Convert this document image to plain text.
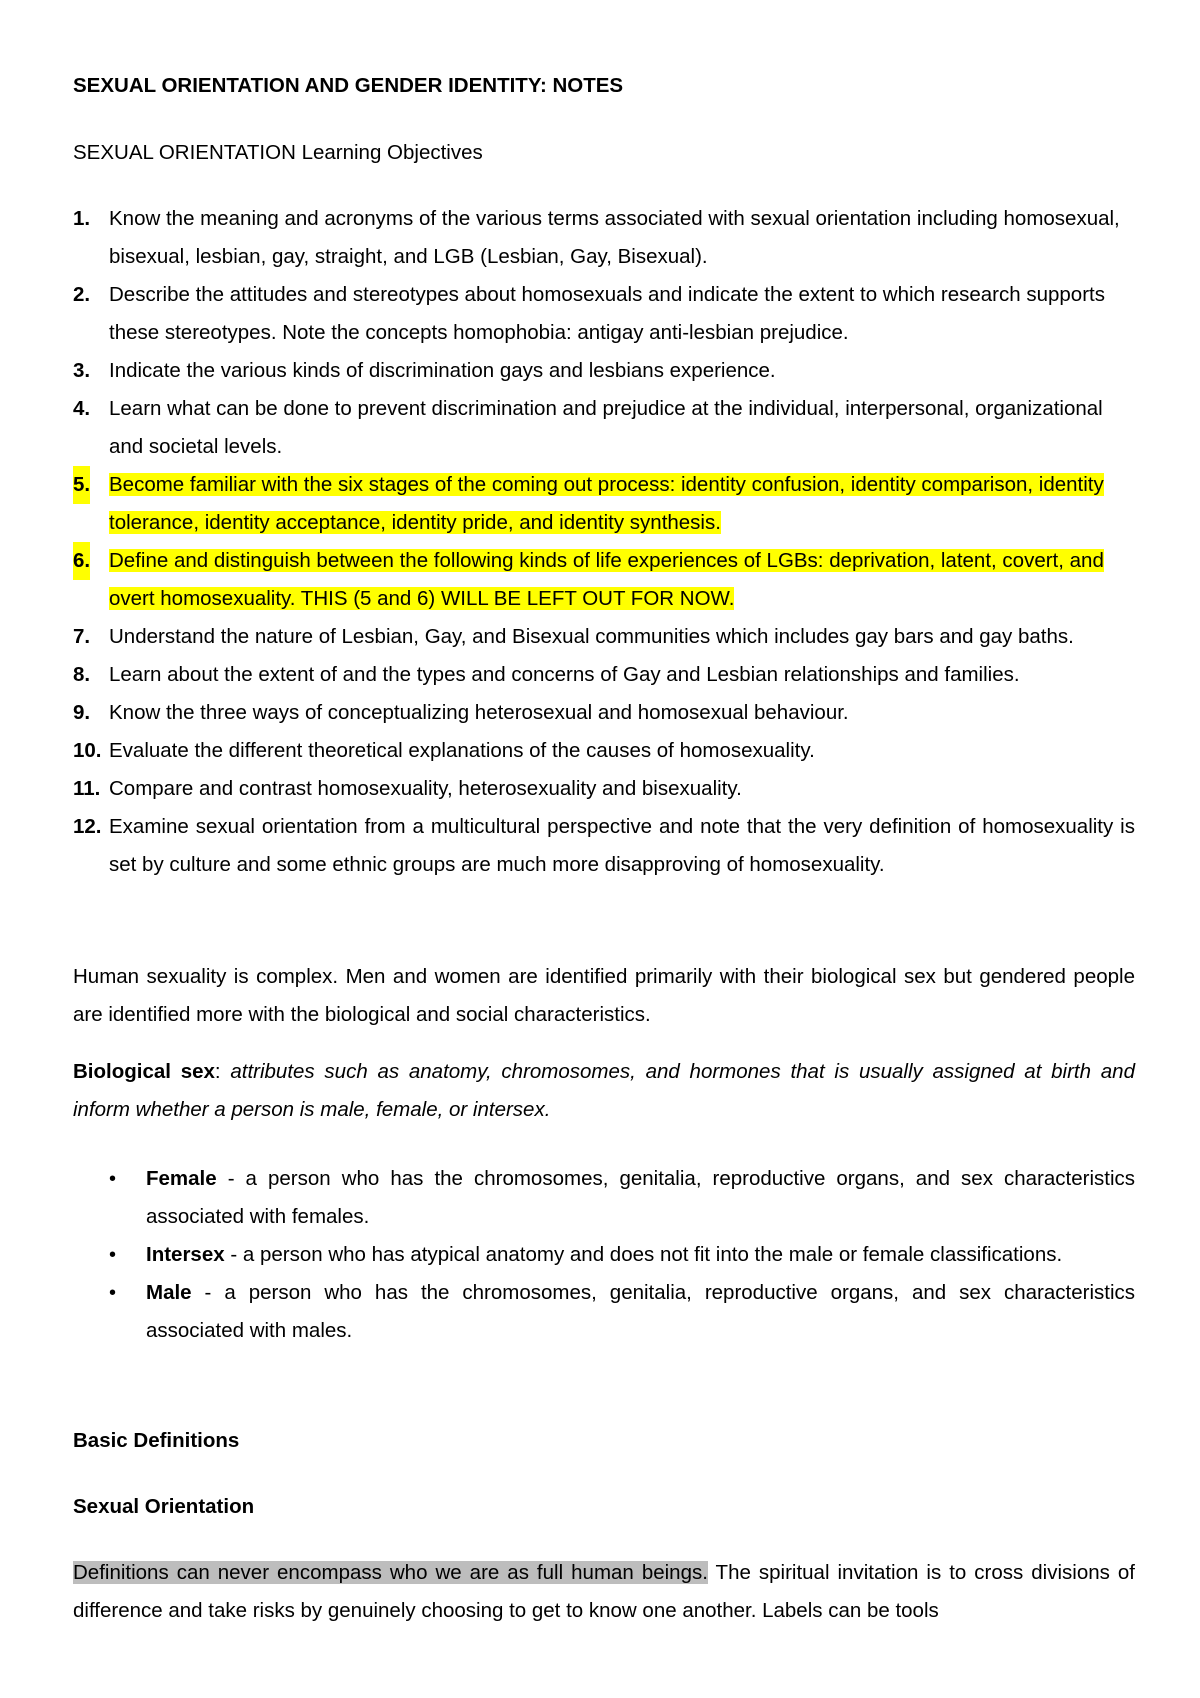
SEXUAL ORIENTATION AND GENDER IDENTITY: NOTES
SEXUAL ORIENTATION Learning Objectives
1. Know the meaning and acronyms of the various terms associated with sexual orientation including homosexual, bisexual, lesbian, gay, straight, and LGB (Lesbian, Gay, Bisexual).
2. Describe the attitudes and stereotypes about homosexuals and indicate the extent to which research supports these stereotypes. Note the concepts homophobia: antigay anti-lesbian prejudice.
3. Indicate the various kinds of discrimination gays and lesbians experience.
4. Learn what can be done to prevent discrimination and prejudice at the individual, interpersonal, organizational and societal levels.
5. Become familiar with the six stages of the coming out process: identity confusion, identity comparison, identity tolerance, identity acceptance, identity pride, and identity synthesis.
6. Define and distinguish between the following kinds of life experiences of LGBs: deprivation, latent, covert, and overt homosexuality. THIS (5 and 6) WILL BE LEFT OUT FOR NOW.
7. Understand the nature of Lesbian, Gay, and Bisexual communities which includes gay bars and gay baths.
8. Learn about the extent of and the types and concerns of Gay and Lesbian relationships and families.
9. Know the three ways of conceptualizing heterosexual and homosexual behaviour.
10. Evaluate the different theoretical explanations of the causes of homosexuality.
11. Compare and contrast homosexuality, heterosexuality and bisexuality.
12. Examine sexual orientation from a multicultural perspective and note that the very definition of homosexuality is set by culture and some ethnic groups are much more disapproving of homosexuality.

Human sexuality is complex. Men and women are identified primarily with their biological sex but gendered people are identified more with the biological and social characteristics.

Biological sex: attributes such as anatomy, chromosomes, and hormones that is usually assigned at birth and inform whether a person is male, female, or intersex.

• Female - a person who has the chromosomes, genitalia, reproductive organs, and sex characteristics associated with females.
• Intersex - a person who has atypical anatomy and does not fit into the male or female classifications.
• Male - a person who has the chromosomes, genitalia, reproductive organs, and sex characteristics associated with males.
Basic Definitions
Sexual Orientation

Definitions can never encompass who we are as full human beings. The spiritual invitation is to cross divisions of difference and take risks by genuinely choosing to get to know one another. Labels can be tools
